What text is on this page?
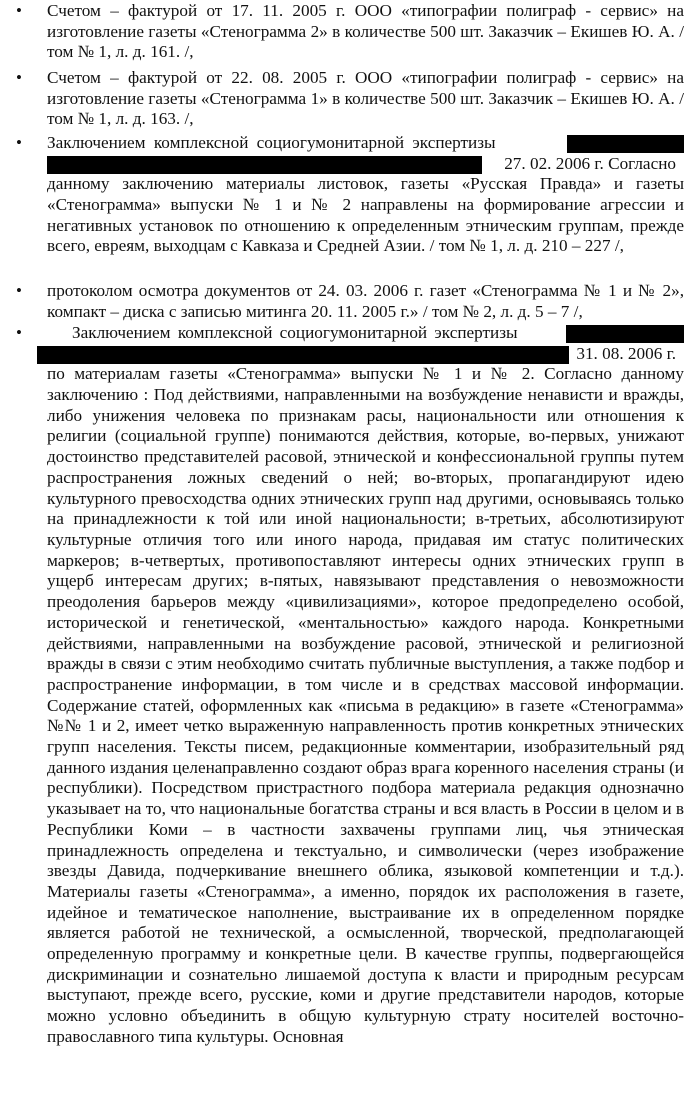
• Счетом – фактурой от 17. 11. 2005 г. ООО «типографии полиграф - сервис» на изготовление газеты «Стенограмма 2» в количестве 500 шт. Заказчик – Екишев Ю. А. / том № 1, л. д. 161. /,
• Счетом – фактурой от 22. 08. 2005 г. ООО «типографии полиграф - сервис» на изготовление газеты «Стенограмма 1» в количестве 500 шт. Заказчик – Екишев Ю. А. / том № 1, л. д. 163. /,
• Заключением комплексной социогумонитарной экспертизы
27. 02. 2006 г. Согласно
данному заключению материалы листовок, газеты «Русская Правда» и газеты «Стенограмма» выпуски № 1 и № 2 направлены на формирование агрессии и негативных установок по отношению к определенным этническим группам, прежде всего, евреям, выходцам с Кавказа и Средней Азии. / том № 1, л. д. 210 – 227 /,
• протоколом осмотра документов от 24. 03. 2006 г. газет «Стенограмма № 1 и № 2», компакт – диска с записью митинга 20. 11. 2005 г.» / том № 2, л. д. 5 – 7 /,
•	Заключением комплексной социогумонитарной экспертизы
31. 08. 2006 г.
по материалам газеты «Стенограмма» выпуски № 1 и № 2. Согласно данному заключению : Под действиями, направленными на возбуждение ненависти и вражды, либо унижения человека по признакам расы, национальности или отношения к религии (социальной группе) понимаются действия, которые, во-первых, унижают достоинство представителей расовой, этнической и конфессиональной группы путем распространения ложных сведений о ней; во-вторых, пропагандируют идею культурного превосходства одних этнических групп над другими, основываясь только на принадлежности к той или иной национальности; в-третьих, абсолютизируют культурные отличия того или иного народа, придавая им статус политических маркеров; в-четвертых, противопоставляют интересы одних этнических групп в ущерб интересам других; в-пятых, навязывают представления о невозможности преодоления барьеров между «цивилизациями», которое предопределено особой, исторической и генетической, «ментальностью» каждого народа. Конкретными действиями, направленными на возбуждение расовой, этнической и религиозной вражды в связи с этим необходимо считать публичные выступления, а также подбор и распространение информации, в том числе и в средствах массовой информации. Содержание статей, оформленных как «письма в редакцию» в газете «Стенограмма» №№ 1 и 2, имеет четко выраженную направленность против конкретных этнических групп населения. Тексты писем, редакционные комментарии, изобразительный ряд данного издания целенаправленно создают образ врага коренного населения страны (и республики). Посредством пристрастного подбора материала редакция однозначно указывает на то, что национальные богатства страны и вся власть в России в целом и в Республики Коми – в частности захвачены группами лиц, чья этническая принадлежность определена и текстуально, и символически (через изображение звезды Давида, подчеркивание внешнего облика, языковой компетенции и т.д.). Материалы газеты «Стенограмма», а именно, порядок их расположения в газете, идейное и тематическое наполнение, выстраивание их в определенном порядке является работой не технической, а осмысленной, творческой, предполагающей определенную программу и конкретные цели. В качестве группы, подвергающейся дискриминации и сознательно лишаемой доступа к власти и природным ресурсам выступают, прежде всего, русские, коми и другие представители народов, которые можно условно объединить в общую культурную страту носителей восточно-православного типа культуры. Основная
